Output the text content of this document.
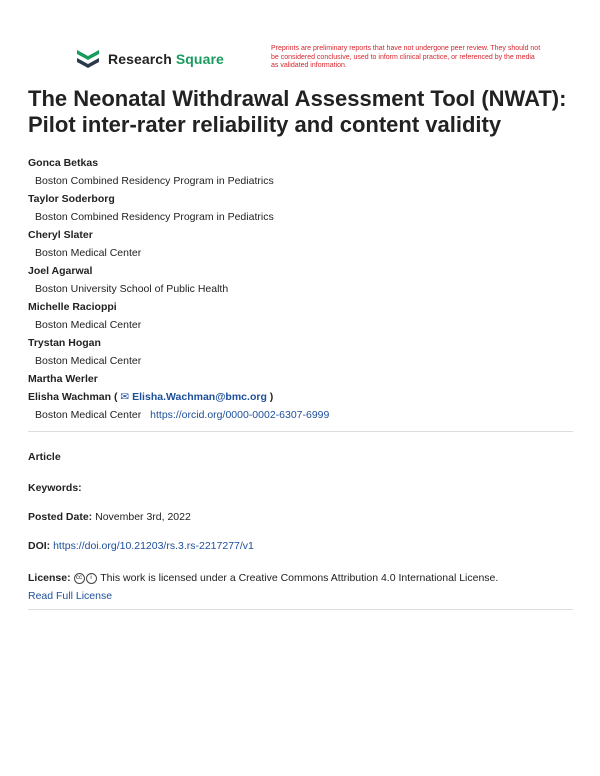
Research Square
Preprints are preliminary reports that have not undergone peer review. They should not be considered conclusive, used to inform clinical practice, or referenced by the media as validated information.
The Neonatal Withdrawal Assessment Tool (NWAT): Pilot inter-rater reliability and content validity
Gonca Betkas
Boston Combined Residency Program in Pediatrics
Taylor Soderborg
Boston Combined Residency Program in Pediatrics
Cheryl Slater
Boston Medical Center
Joel Agarwal
Boston University School of Public Health
Michelle Racioppi
Boston Medical Center
Trystan Hogan
Boston Medical Center
Martha Werler
Elisha Wachman ( ✉ Elisha.Wachman@bmc.org )
Boston Medical Center https://orcid.org/0000-0002-6307-6999
Article
Keywords:
Posted Date: November 3rd, 2022
DOI: https://doi.org/10.21203/rs.3.rs-2217277/v1
License: cc i This work is licensed under a Creative Commons Attribution 4.0 International License.
Read Full License
